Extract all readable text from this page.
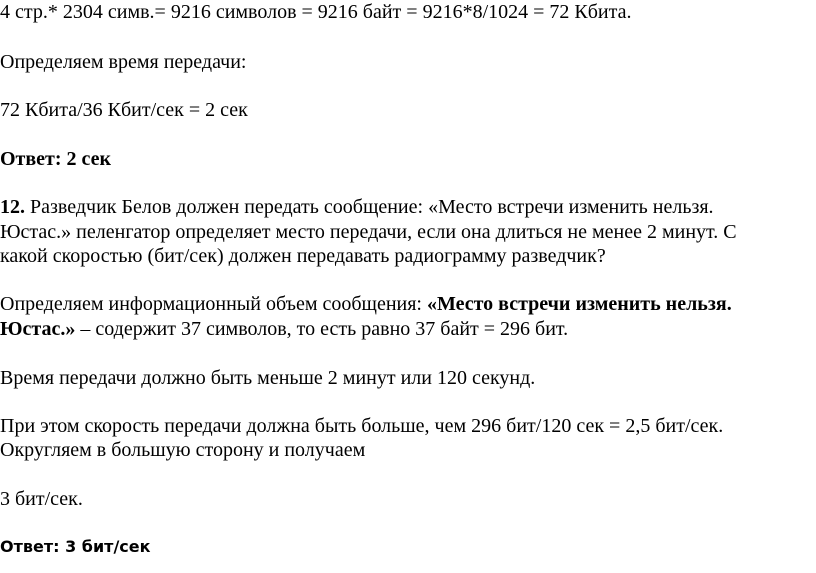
4 стр.* 2304 симв.= 9216 символов = 9216 байт = 9216*8/1024 = 72 Кбита.
Определяем время передачи:
72 Кбита/36 Кбит/сек = 2 сек
Ответ: 2 сек
12. Разведчик Белов должен передать сообщение: «Место встречи изменить нельзя.
Юстас.» пеленгатор определяет место передачи, если она длиться не менее 2 минут. С
какой скоростью (бит/сек) должен передавать радиограмму разведчик?
Определяем информационный объем сообщения: «Место встречи изменить нельзя.
Юстас.» – содержит 37 символов, то есть равно 37 байт = 296 бит.
Время передачи должно быть меньше 2 минут или 120 секунд.
При этом скорость передачи должна быть больше, чем 296 бит/120 сек = 2,5 бит/сек.
Округляем в большую сторону и получаем
3 бит/сек.
Ответ: 3 бит/сек
